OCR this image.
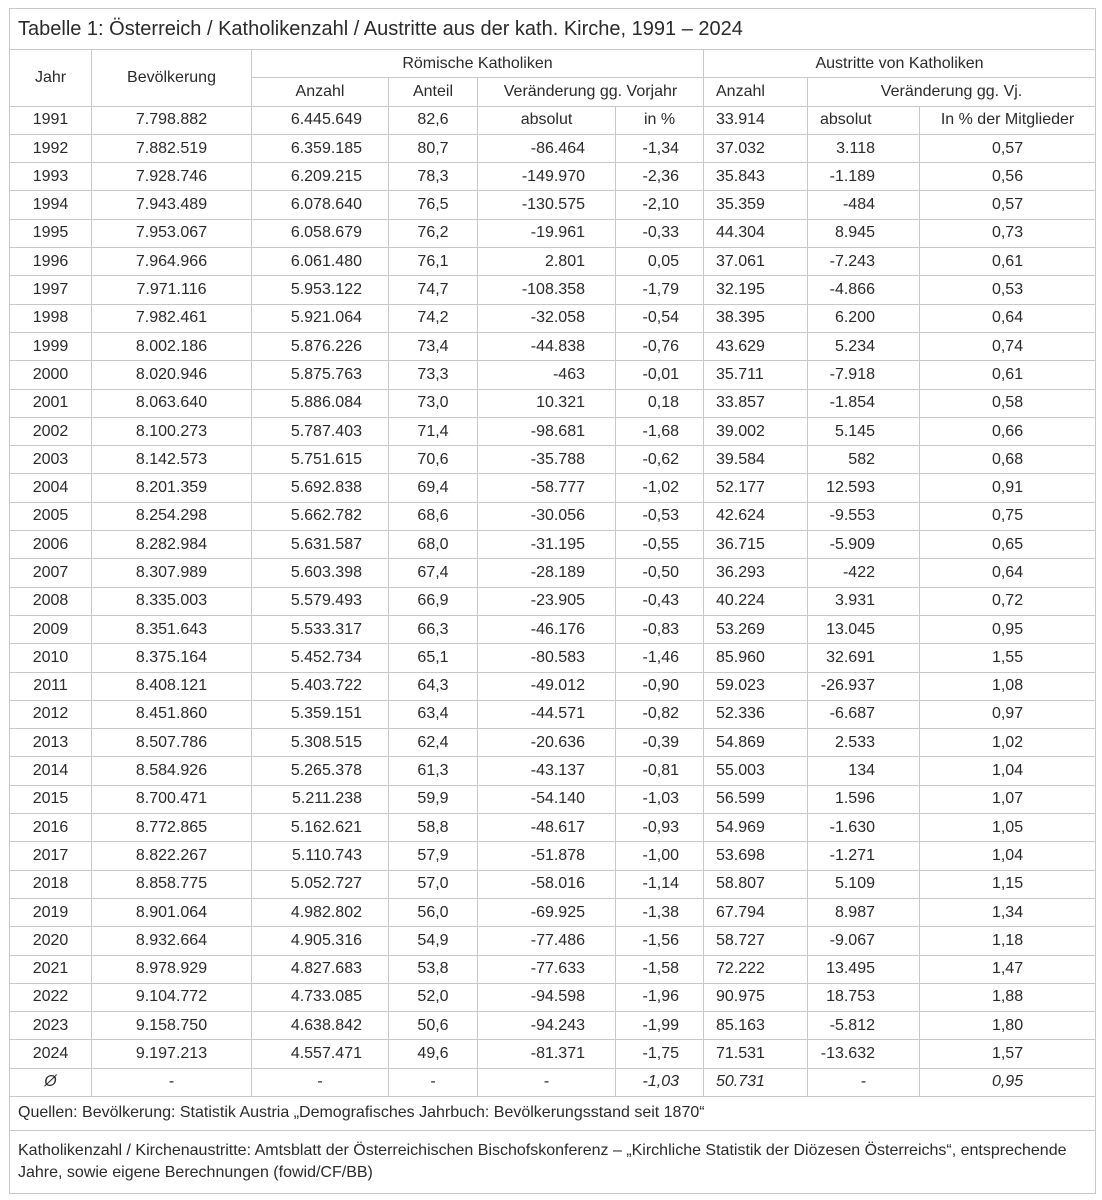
Tabelle 1: Österreich / Katholikenzahl / Austritte aus der kath. Kirche, 1991 – 2024								
Jahr	Bevölkerung	Römische Katholiken				Austritte von Katholiken		
		Anzahl	Anteil	Veränderung gg. Vorjahr		Anzahl	Veränderung gg. Vj.	
1991	7.798.882	6.445.649	82,6	absolut	in %	33.914	absolut	In % der Mitglieder
1992	7.882.519	6.359.185	80,7	-86.464	-1,34	37.032	3.118	0,57
1993	7.928.746	6.209.215	78,3	-149.970	-2,36	35.843	-1.189	0,56
1994	7.943.489	6.078.640	76,5	-130.575	-2,10	35.359	-484	0,57
1995	7.953.067	6.058.679	76,2	-19.961	-0,33	44.304	8.945	0,73
1996	7.964.966	6.061.480	76,1	2.801	0,05	37.061	-7.243	0,61
1997	7.971.116	5.953.122	74,7	-108.358	-1,79	32.195	-4.866	0,53
1998	7.982.461	5.921.064	74,2	-32.058	-0,54	38.395	6.200	0,64
1999	8.002.186	5.876.226	73,4	-44.838	-0,76	43.629	5.234	0,74
2000	8.020.946	5.875.763	73,3	-463	-0,01	35.711	-7.918	0,61
2001	8.063.640	5.886.084	73,0	10.321	0,18	33.857	-1.854	0,58
2002	8.100.273	5.787.403	71,4	-98.681	-1,68	39.002	5.145	0,66
2003	8.142.573	5.751.615	70,6	-35.788	-0,62	39.584	582	0,68
2004	8.201.359	5.692.838	69,4	-58.777	-1,02	52.177	12.593	0,91
2005	8.254.298	5.662.782	68,6	-30.056	-0,53	42.624	-9.553	0,75
2006	8.282.984	5.631.587	68,0	-31.195	-0,55	36.715	-5.909	0,65
2007	8.307.989	5.603.398	67,4	-28.189	-0,50	36.293	-422	0,64
2008	8.335.003	5.579.493	66,9	-23.905	-0,43	40.224	3.931	0,72
2009	8.351.643	5.533.317	66,3	-46.176	-0,83	53.269	13.045	0,95
2010	8.375.164	5.452.734	65,1	-80.583	-1,46	85.960	32.691	1,55
2011	8.408.121	5.403.722	64,3	-49.012	-0,90	59.023	-26.937	1,08
2012	8.451.860	5.359.151	63,4	-44.571	-0,82	52.336	-6.687	0,97
2013	8.507.786	5.308.515	62,4	-20.636	-0,39	54.869	2.533	1,02
2014	8.584.926	5.265.378	61,3	-43.137	-0,81	55.003	134	1,04
2015	8.700.471	5.211.238	59,9	-54.140	-1,03	56.599	1.596	1,07
2016	8.772.865	5.162.621	58,8	-48.617	-0,93	54.969	-1.630	1,05
2017	8.822.267	5.110.743	57,9	-51.878	-1,00	53.698	-1.271	1,04
2018	8.858.775	5.052.727	57,0	-58.016	-1,14	58.807	5.109	1,15
2019	8.901.064	4.982.802	56,0	-69.925	-1,38	67.794	8.987	1,34
2020	8.932.664	4.905.316	54,9	-77.486	-1,56	58.727	-9.067	1,18
2021	8.978.929	4.827.683	53,8	-77.633	-1,58	72.222	13.495	1,47
2022	9.104.772	4.733.085	52,0	-94.598	-1,96	90.975	18.753	1,88
2023	9.158.750	4.638.842	50,6	-94.243	-1,99	85.163	-5.812	1,80
2024	9.197.213	4.557.471	49,6	-81.371	-1,75	71.531	-13.632	1,57
Ø	-	-	-	-	-1,03	50.731	-	0,95
Quellen: Bevölkerung: Statistik Austria „Demografisches Jahrbuch: Bevölkerungsstand seit 1870“								
Katholikenzahl / Kirchenaustritte: Amtsblatt der Österreichischen Bischofskonferenz – „Kirchliche Statistik der Diözesen Österreichs“, entsprechende Jahre, sowie eigene Berechnungen (fowid/CF/BB)								
